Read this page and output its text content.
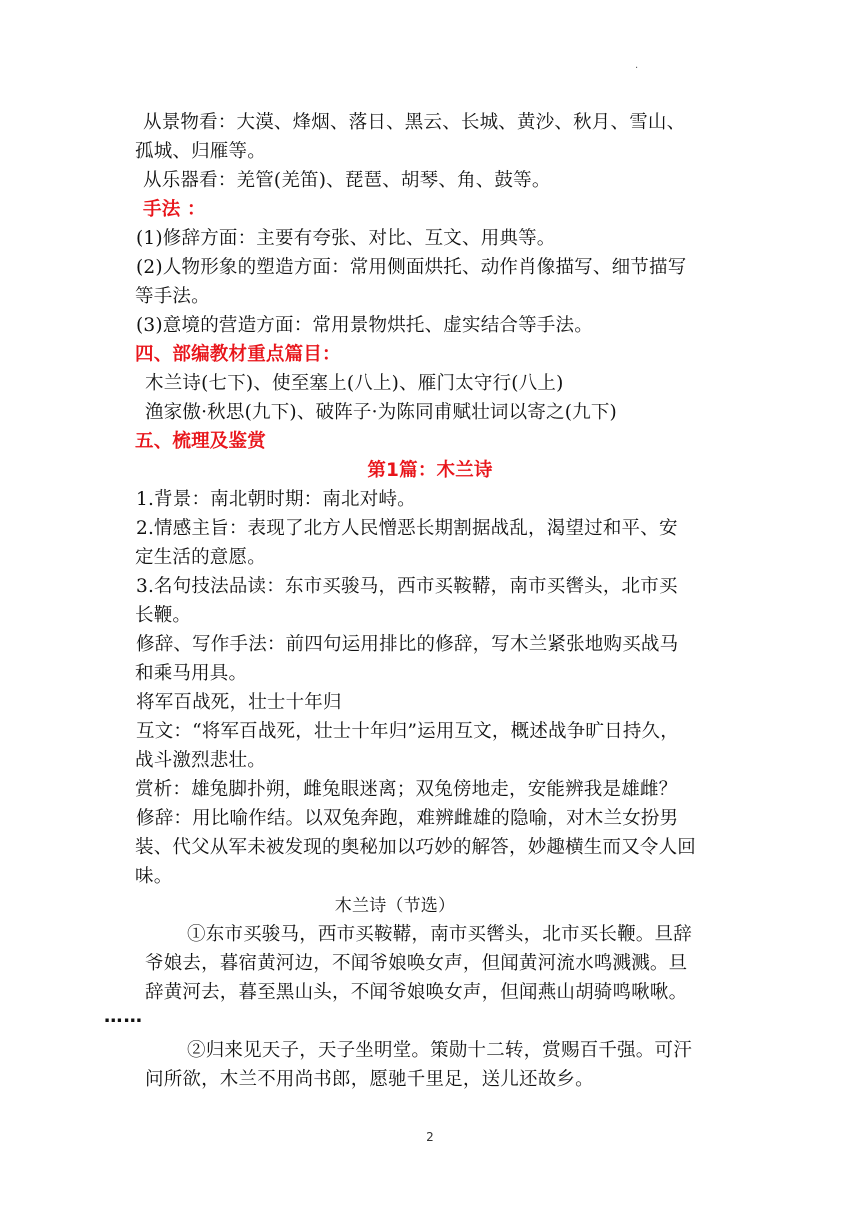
.
从景物看：大漠、烽烟、落日、黑云、长城、黄沙、秋月、雪山、
孤城、归雁等。
从乐器看：羌管(羌笛)、琵琶、胡琴、角、鼓等。
手法 ：
(1)修辞方面：主要有夸张、对比、互文、用典等。
(2)人物形象的塑造方面：常用侧面烘托、动作肖像描写、细节描写
等手法。
(3)意境的营造方面：常用景物烘托、虚实结合等手法。
四、部编教材重点篇目：
木兰诗(七下)、使至塞上(八上)、雁门太守行(八上)
渔家傲·秋思(九下)、破阵子·为陈同甫赋壮词以寄之(九下)
五、梳理及鉴赏
第1篇：木兰诗
1.背景：南北朝时期：南北对峙。
2.情感主旨：表现了北方人民憎恶长期割据战乱，渴望过和平、安
定生活的意愿。
3.名句技法品读：东市买骏马，西市买鞍鞯，南市买辔头，北市买
长鞭。
修辞、写作手法：前四句运用排比的修辞，写木兰紧张地购买战马
和乘马用具。
将军百战死，壮士十年归
互文：“将军百战死，壮士十年归”运用互文，概述战争旷日持久，
战斗激烈悲壮。
赏析：雄兔脚扑朔，雌兔眼迷离；双兔傍地走，安能辨我是雄雌？
修辞：用比喻作结。以双兔奔跑，难辨雌雄的隐喻，对木兰女扮男
装、代父从军未被发现的奥秘加以巧妙的解答，妙趣横生而又令人回
味。
木兰诗（节选）
①东市买骏马，西市买鞍鞯，南市买辔头，北市买长鞭。旦辞
爷娘去，暮宿黄河边，不闻爷娘唤女声，但闻黄河流水鸣溅溅。旦
辞黄河去，暮至黑山头，不闻爷娘唤女声，但闻燕山胡骑鸣啾啾。
……
②归来见天子，天子坐明堂。策勋十二转，赏赐百千强。可汗
问所欲，木兰不用尚书郎，愿驰千里足，送儿还故乡。
2
